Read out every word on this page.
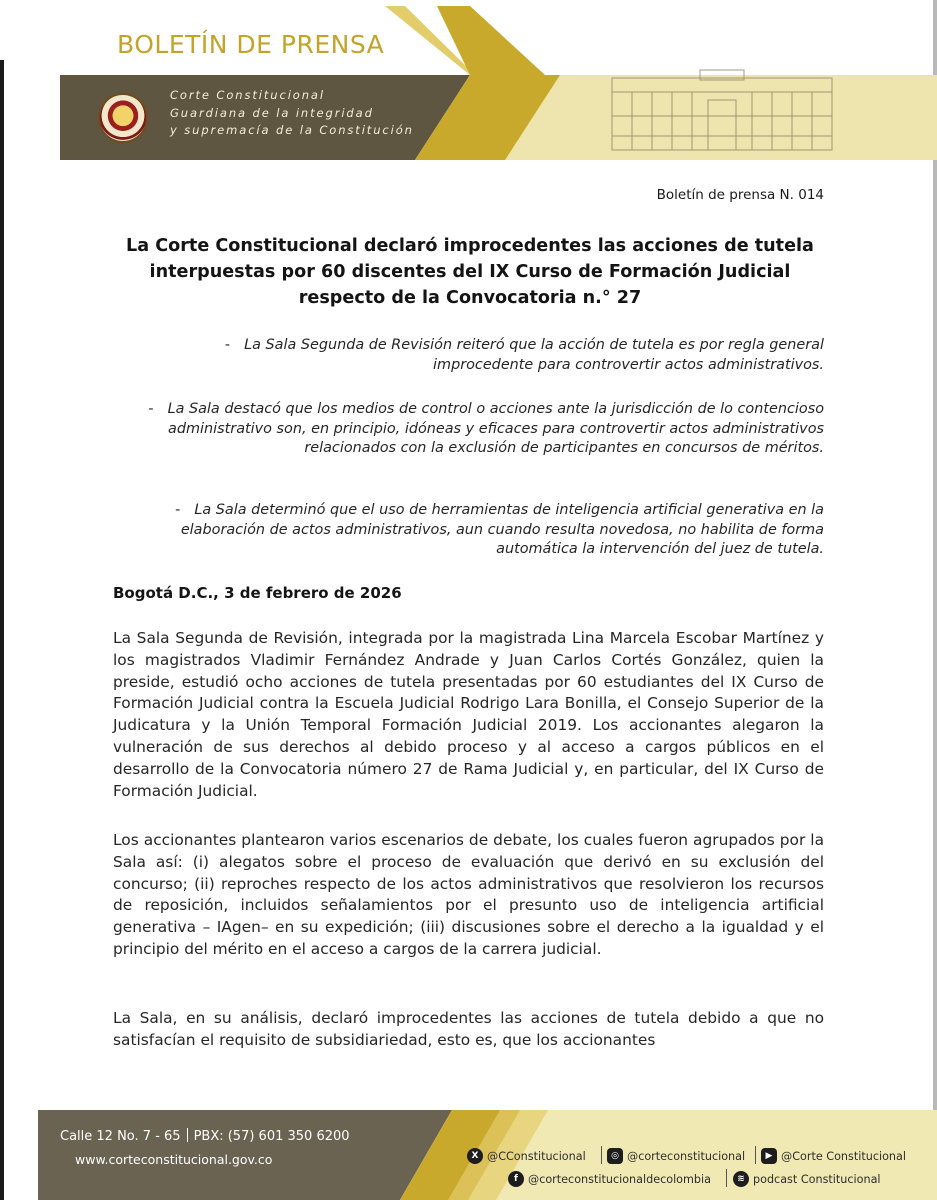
BOLETÍN DE PRENSA
Corte Constitucional
Guardiana de la integridad
y supremacía de la Constitución
Boletín de prensa N. 014
La Corte Constitucional declaró improcedentes las acciones de tutela interpuestas por 60 discentes del IX Curso de Formación Judicial respecto de la Convocatoria n.° 27
- La Sala Segunda de Revisión reiteró que la acción de tutela es por regla general improcedente para controvertir actos administrativos.
- La Sala destacó que los medios de control o acciones ante la jurisdicción de lo contencioso administrativo son, en principio, idóneas y eficaces para controvertir actos administrativos relacionados con la exclusión de participantes en concursos de méritos.
- La Sala determinó que el uso de herramientas de inteligencia artificial generativa en la elaboración de actos administrativos, aun cuando resulta novedosa, no habilita de forma automática la intervención del juez de tutela.
Bogotá D.C., 3 de febrero de 2026

La Sala Segunda de Revisión, integrada por la magistrada Lina Marcela Escobar Martínez y los magistrados Vladimir Fernández Andrade y Juan Carlos Cortés González, quien la preside, estudió ocho acciones de tutela presentadas por 60 estudiantes del IX Curso de Formación Judicial contra la Escuela Judicial Rodrigo Lara Bonilla, el Consejo Superior de la Judicatura y la Unión Temporal Formación Judicial 2019. Los accionantes alegaron la vulneración de sus derechos al debido proceso y al acceso a cargos públicos en el desarrollo de la Convocatoria número 27 de Rama Judicial y, en particular, del IX Curso de Formación Judicial.

Los accionantes plantearon varios escenarios de debate, los cuales fueron agrupados por la Sala así: (i) alegatos sobre el proceso de evaluación que derivó en su exclusión del concurso; (ii) reproches respecto de los actos administrativos que resolvieron los recursos de reposición, incluidos señalamientos por el presunto uso de inteligencia artificial generativa – IAgen– en su expedición; (iii) discusiones sobre el derecho a la igualdad y el principio del mérito en el acceso a cargos de la carrera judicial.

La Sala, en su análisis, declaró improcedentes las acciones de tutela debido a que no satisfacían el requisito de subsidiariedad, esto es, que los accionantes

Calle 12 No. 7 - 65 PBX: (57) 601 350 6200
www.corteconstitucional.gov.co	X @CConstitucional	◎ @corteconstitucional	▶ @Corte Constitucional
f @corteconstitucionaldecolombia	≋ podcast Constitucional
